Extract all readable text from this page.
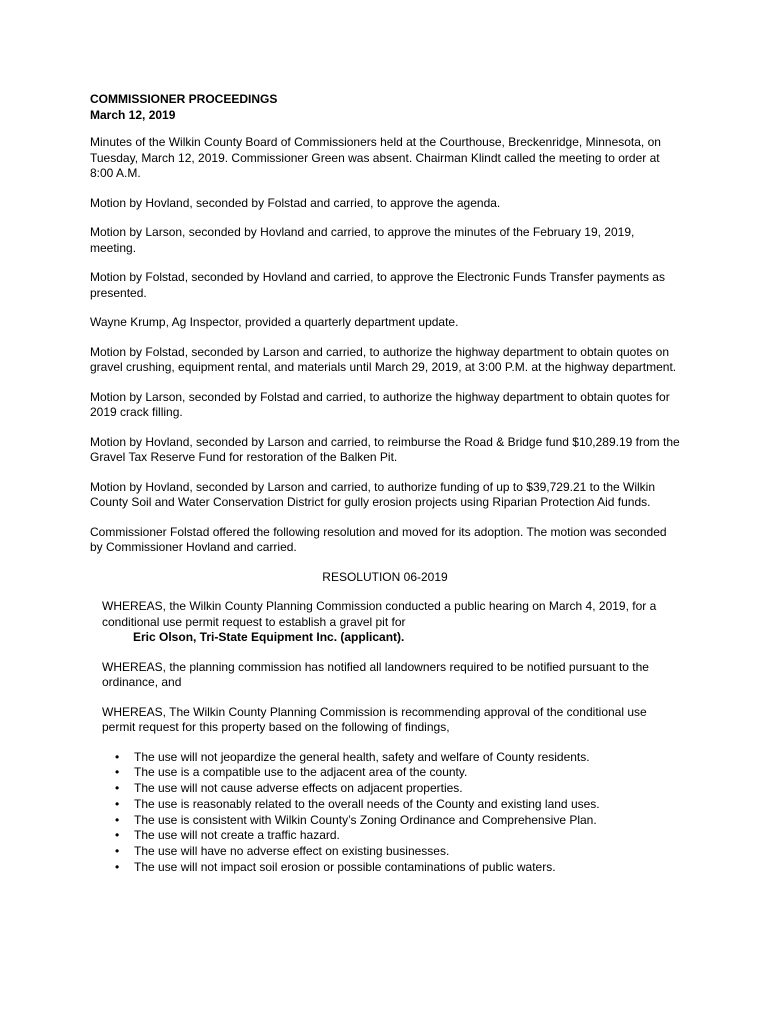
COMMISSIONER PROCEEDINGS
March 12, 2019

Minutes of the Wilkin County Board of Commissioners held at the Courthouse, Breckenridge, Minnesota, on Tuesday, March 12, 2019. Commissioner Green was absent. Chairman Klindt called the meeting to order at 8:00 A.M.

Motion by Hovland, seconded by Folstad and carried, to approve the agenda.

Motion by Larson, seconded by Hovland and carried, to approve the minutes of the February 19, 2019, meeting.

Motion by Folstad, seconded by Hovland and carried, to approve the Electronic Funds Transfer payments as presented.

Wayne Krump, Ag Inspector, provided a quarterly department update.

Motion by Folstad, seconded by Larson and carried, to authorize the highway department to obtain quotes on gravel crushing, equipment rental, and materials until March 29, 2019, at 3:00 P.M. at the highway department.

Motion by Larson, seconded by Folstad and carried, to authorize the highway department to obtain quotes for 2019 crack filling.

Motion by Hovland, seconded by Larson and carried, to reimburse the Road & Bridge fund $10,289.19 from the Gravel Tax Reserve Fund for restoration of the Balken Pit.

Motion by Hovland, seconded by Larson and carried, to authorize funding of up to $39,729.21 to the Wilkin County Soil and Water Conservation District for gully erosion projects using Riparian Protection Aid funds.

Commissioner Folstad offered the following resolution and moved for its adoption. The motion was seconded by Commissioner Hovland and carried.

RESOLUTION 06-2019

WHEREAS, the Wilkin County Planning Commission conducted a public hearing on March 4, 2019, for a conditional use permit request to establish a gravel pit for

Eric Olson, Tri-State Equipment Inc. (applicant).

WHEREAS, the planning commission has notified all landowners required to be notified pursuant to the ordinance, and

WHEREAS, The Wilkin County Planning Commission is recommending approval of the conditional use permit request for this property based on the following of findings,

• The use will not jeopardize the general health, safety and welfare of County residents.
• The use is a compatible use to the adjacent area of the county.
• The use will not cause adverse effects on adjacent properties.
• The use is reasonably related to the overall needs of the County and existing land uses.
• The use is consistent with Wilkin County’s Zoning Ordinance and Comprehensive Plan.
• The use will not create a traffic hazard.
• The use will have no adverse effect on existing businesses.
• The use will not impact soil erosion or possible contaminations of public waters.
